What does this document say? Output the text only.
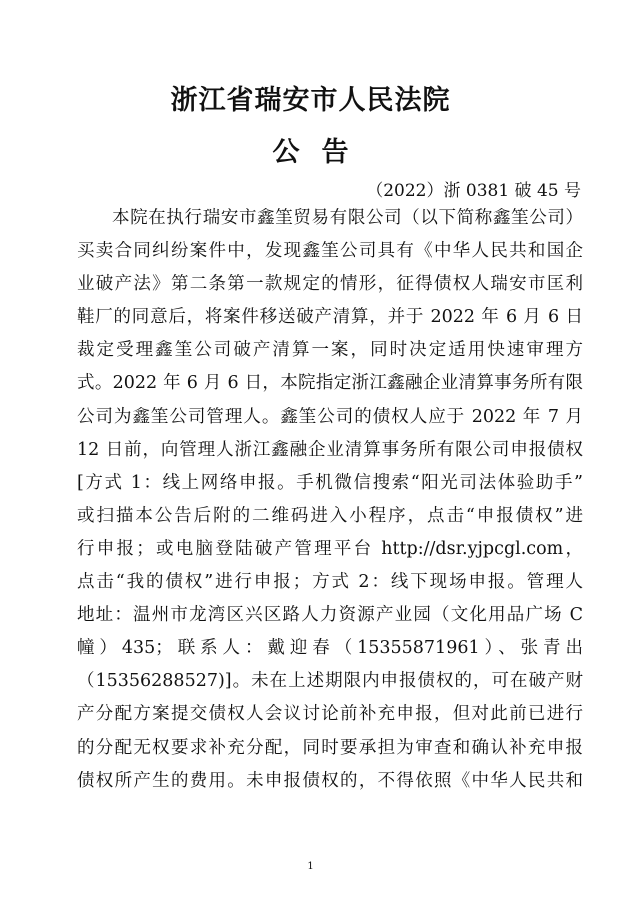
浙江省瑞安市人民法院
公告
（2022）浙 0381 破 45 号
本院在执行瑞安市鑫筀贸易有限公司（以下简称鑫筀公司）
买卖合同纠纷案件中，发现鑫筀公司具有《中华人民共和国企
业破产法》第二条第一款规定的情形，征得债权人瑞安市匡利
鞋厂的同意后，将案件移送破产清算，并于 2022 年 6 月 6 日
裁定受理鑫筀公司破产清算一案，同时决定适用快速审理方
式。2022 年 6 月 6 日，本院指定浙江鑫融企业清算事务所有限
公司为鑫筀公司管理人。鑫筀公司的债权人应于 2022 年 7 月
12 日前，向管理人浙江鑫融企业清算事务所有限公司申报债权
[方式 1：线上网络申报。手机微信搜索“阳光司法体验助手”
或扫描本公告后附的二维码进入小程序，点击“申报债权”进
行申报；或电脑登陆破产管理平台 http://dsr.yjpcgl.com，
点击“我的债权”进行申报；方式 2：线下现场申报。管理人
地址：温州市龙湾区兴区路人力资源产业园（文化用品广场 C
幢）435；联系人：戴迎春（15355871961）、张青出
（15356288527)]。未在上述期限内申报债权的，可在破产财
产分配方案提交债权人会议讨论前补充申报，但对此前已进行
的分配无权要求补充分配，同时要承担为审查和确认补充申报
债权所产生的费用。未申报债权的，不得依照《中华人民共和
1
